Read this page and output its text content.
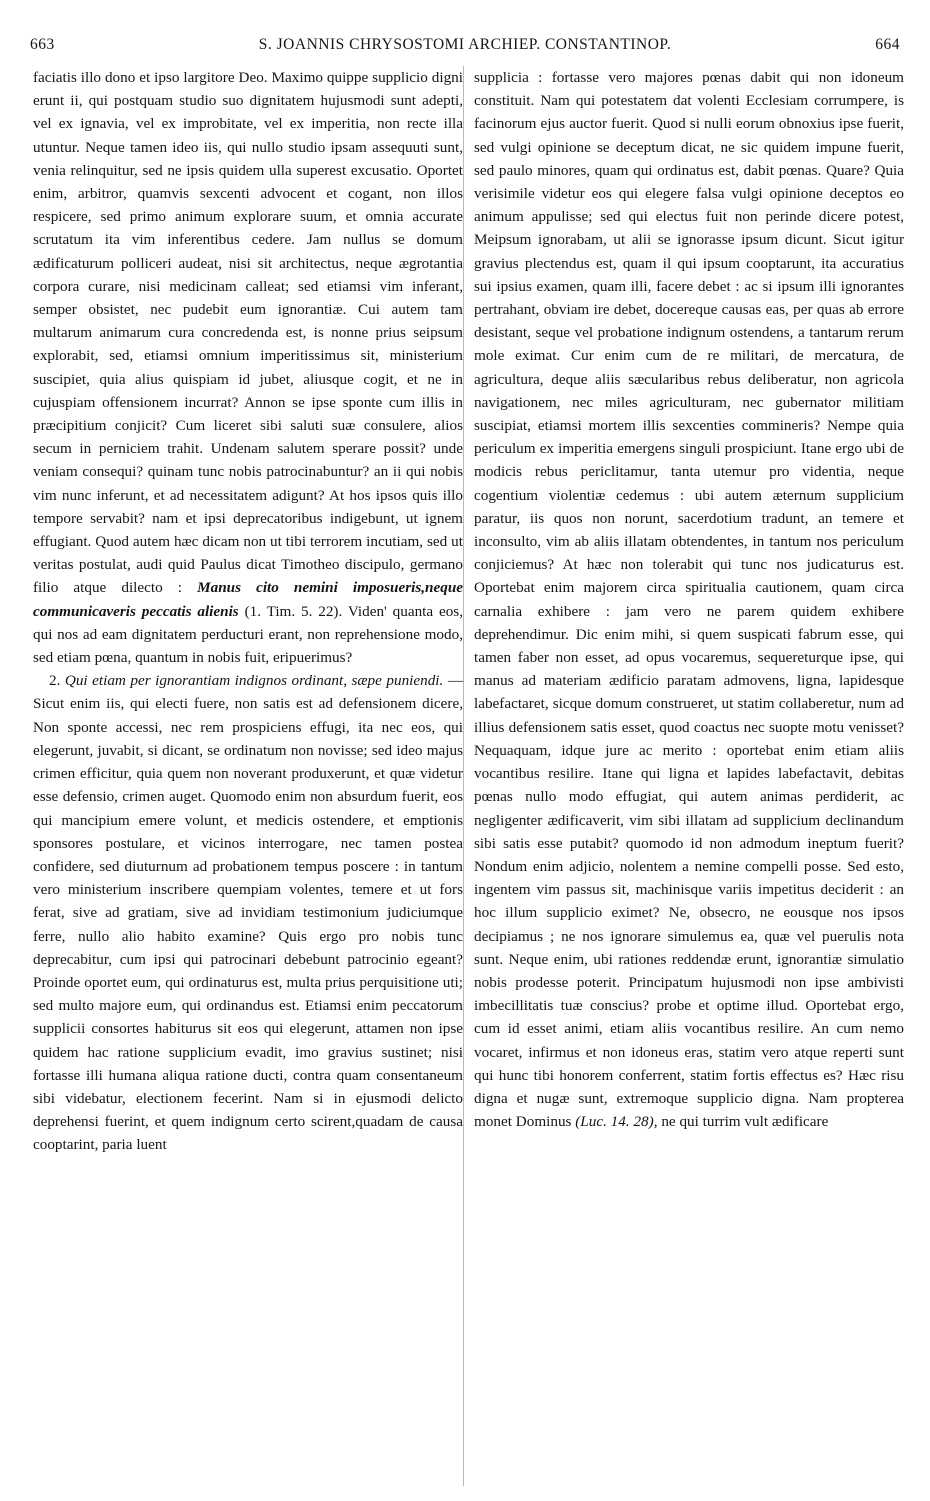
663	S. JOANNIS CHRYSOSTOMI ARCHIEP. CONSTANTINOP.	664

faciatis illo dono et ipso largitore Deo. Maximo quippe supplicio digni erunt ii, qui postquam studio suo dignitatem hujusmodi sunt adepti, vel ex ignavia, vel ex improbitate, vel ex imperitia, non recte illa utuntur. Neque tamen ideo iis, qui nullo studio ipsam assequuti sunt, venia relinquitur, sed ne ipsis quidem ulla superest excusatio. Oportet enim, arbitror, quamvis sexcenti advocent et cogant, non illos respicere, sed primo animum explorare suum, et omnia accurate scrutatum ita vim inferentibus cedere. Jam nullus se domum ædificaturum polliceri audeat, nisi sit architectus, neque ægrotantia corpora curare, nisi medicinam calleat; sed etiamsi vim inferant, semper obsistet, nec pudebit eum ignorantiæ. Cui autem tam multarum animarum cura concredenda est, is nonne prius seipsum explorabit, sed, etiamsi omnium imperitissimus sit, ministerium suscipiet, quia alius quispiam id jubet, aliusque cogit, et ne in cujuspiam offensionem incurrat? Annon se ipse sponte cum illis in præcipitium conjicit? Cum liceret sibi saluti suæ consulere, alios secum in perniciem trahit. Undenam salutem sperare possit? unde veniam consequi? quinam tunc nobis patrocinabuntur? an ii qui nobis vim nunc inferunt, et ad necessitatem adigunt? At hos ipsos quis illo tempore servabit? nam et ipsi deprecatoribus indigebunt, ut ignem effugiant. Quod autem hæc dicam non ut tibi terrorem incutiam, sed ut veritas postulat, audi quid Paulus dicat Timotheo discipulo, germano filio atque dilecto : Manus cito nemini imposueris,neque communicaveris peccatis alienis (1. Tim. 5. 22). Viden' quanta eos, qui nos ad eam dignitatem perducturi erant, non reprehensione modo, sed etiam pœna, quantum in nobis fuit, eripuerimus?

2. Qui etiam per ignorantiam indignos ordinant, sæpe puniendi. — Sicut enim iis, qui electi fuere, non satis est ad defensionem dicere, Non sponte accessi, nec rem prospiciens effugi, ita nec eos, qui elegerunt, juvabit, si dicant, se ordinatum non novisse; sed ideo majus crimen efficitur, quia quem non noverant produxerunt, et quæ videtur esse defensio, crimen auget. Quomodo enim non absurdum fuerit, eos qui mancipium emere volunt, et medicis ostendere, et emptionis sponsores postulare, et vicinos interrogare, nec tamen postea confidere, sed diuturnum ad probationem tempus poscere : in tantum vero ministerium inscribere quempiam volentes, temere et ut fors ferat, sive ad gratiam, sive ad invidiam testimonium judiciumque ferre, nullo alio habito examine? Quis ergo pro nobis tunc deprecabitur, cum ipsi qui patrocinari debebunt patrocinio egeant? Proinde oportet eum, qui ordinaturus est, multa prius perquisitione uti; sed multo majore eum, qui ordinandus est. Etiamsi enim peccatorum supplicii consortes habiturus sit eos qui elegerunt, attamen non ipse quidem hac ratione supplicium evadit, imo gravius sustinet; nisi fortasse illi humana aliqua ratione ducti, contra quam consentaneum sibi videbatur, electionem fecerint. Nam si in ejusmodi delicto deprehensi fuerint, et quem indignum certo scirent,quadam de causa cooptarint, paria luent

supplicia : fortasse vero majores pœnas dabit qui non idoneum constituit. Nam qui potestatem dat volenti Ecclesiam corrumpere, is facinorum ejus auctor fuerit. Quod si nulli eorum obnoxius ipse fuerit, sed vulgi opinione se deceptum dicat, ne sic quidem impune fuerit, sed paulo minores, quam qui ordinatus est, dabit pœnas. Quare? Quia verisimile videtur eos qui elegere falsa vulgi opinione deceptos eo animum appulisse; sed qui electus fuit non perinde dicere potest, Meipsum ignorabam, ut alii se ignorasse ipsum dicunt. Sicut igitur gravius plectendus est, quam il qui ipsum cooptarunt, ita accuratius sui ipsius examen, quam illi, facere debet : ac si ipsum illi ignorantes pertrahant, obviam ire debet, docereque causas eas, per quas ab errore desistant, seque vel probatione indignum ostendens, a tantarum rerum mole eximat. Cur enim cum de re militari, de mercatura, de agricultura, deque aliis sæcularibus rebus deliberatur, non agricola navigationem, nec miles agriculturam, nec gubernator militiam suscipiat, etiamsi mortem illis sexcenties commineris? Nempe quia periculum ex imperitia emergens singuli prospiciunt. Itane ergo ubi de modicis rebus periclitamur, tanta utemur pro videntia, neque cogentium violentiæ cedemus : ubi autem æternum supplicium paratur, iis quos non norunt, sacerdotium tradunt, an temere et inconsulto, vim ab aliis illatam obtendentes, in tantum nos periculum conjiciemus? At hæc non tolerabit qui tunc nos judicaturus est. Oportebat enim majorem circa spiritualia cautionem, quam circa carnalia exhibere : jam vero ne parem quidem exhibere deprehendimur. Dic enim mihi, si quem suspicati fabrum esse, qui tamen faber non esset, ad opus vocaremus, sequereturque ipse, qui manus ad materiam ædificio paratam admovens, ligna, lapidesque labefactaret, sicque domum construeret, ut statim collaberetur, num ad illius defensionem satis esset, quod coactus nec suopte motu venisset? Nequaquam, idque jure ac merito : oportebat enim etiam aliis vocantibus resilire. Itane qui ligna et lapides labefactavit, debitas pœnas nullo modo effugiat, qui autem animas perdiderit, ac negligenter ædificaverit, vim sibi illatam ad supplicium declinandum sibi satis esse putabit? quomodo id non admodum ineptum fuerit? Nondum enim adjicio, nolentem a nemine compelli posse. Sed esto, ingentem vim passus sit, machinisque variis impetitus deciderit : an hoc illum supplicio eximet? Ne, obsecro, ne eousque nos ipsos decipiamus ; ne nos ignorare simulemus ea, quæ vel puerulis nota sunt. Neque enim, ubi rationes reddendæ erunt, ignorantiæ simulatio nobis prodesse poterit. Principatum hujusmodi non ipse ambivisti imbecillitatis tuæ conscius? probe et optime illud. Oportebat ergo, cum id esset animi, etiam aliis vocantibus resilire. An cum nemo vocaret, infirmus et non idoneus eras, statim vero atque reperti sunt qui hunc tibi honorem conferrent, statim fortis effectus es? Hæc risu digna et nugæ sunt, extremoque supplicio digna. Nam propterea monet Dominus (Luc. 14. 28), ne qui turrim vult ædificare
